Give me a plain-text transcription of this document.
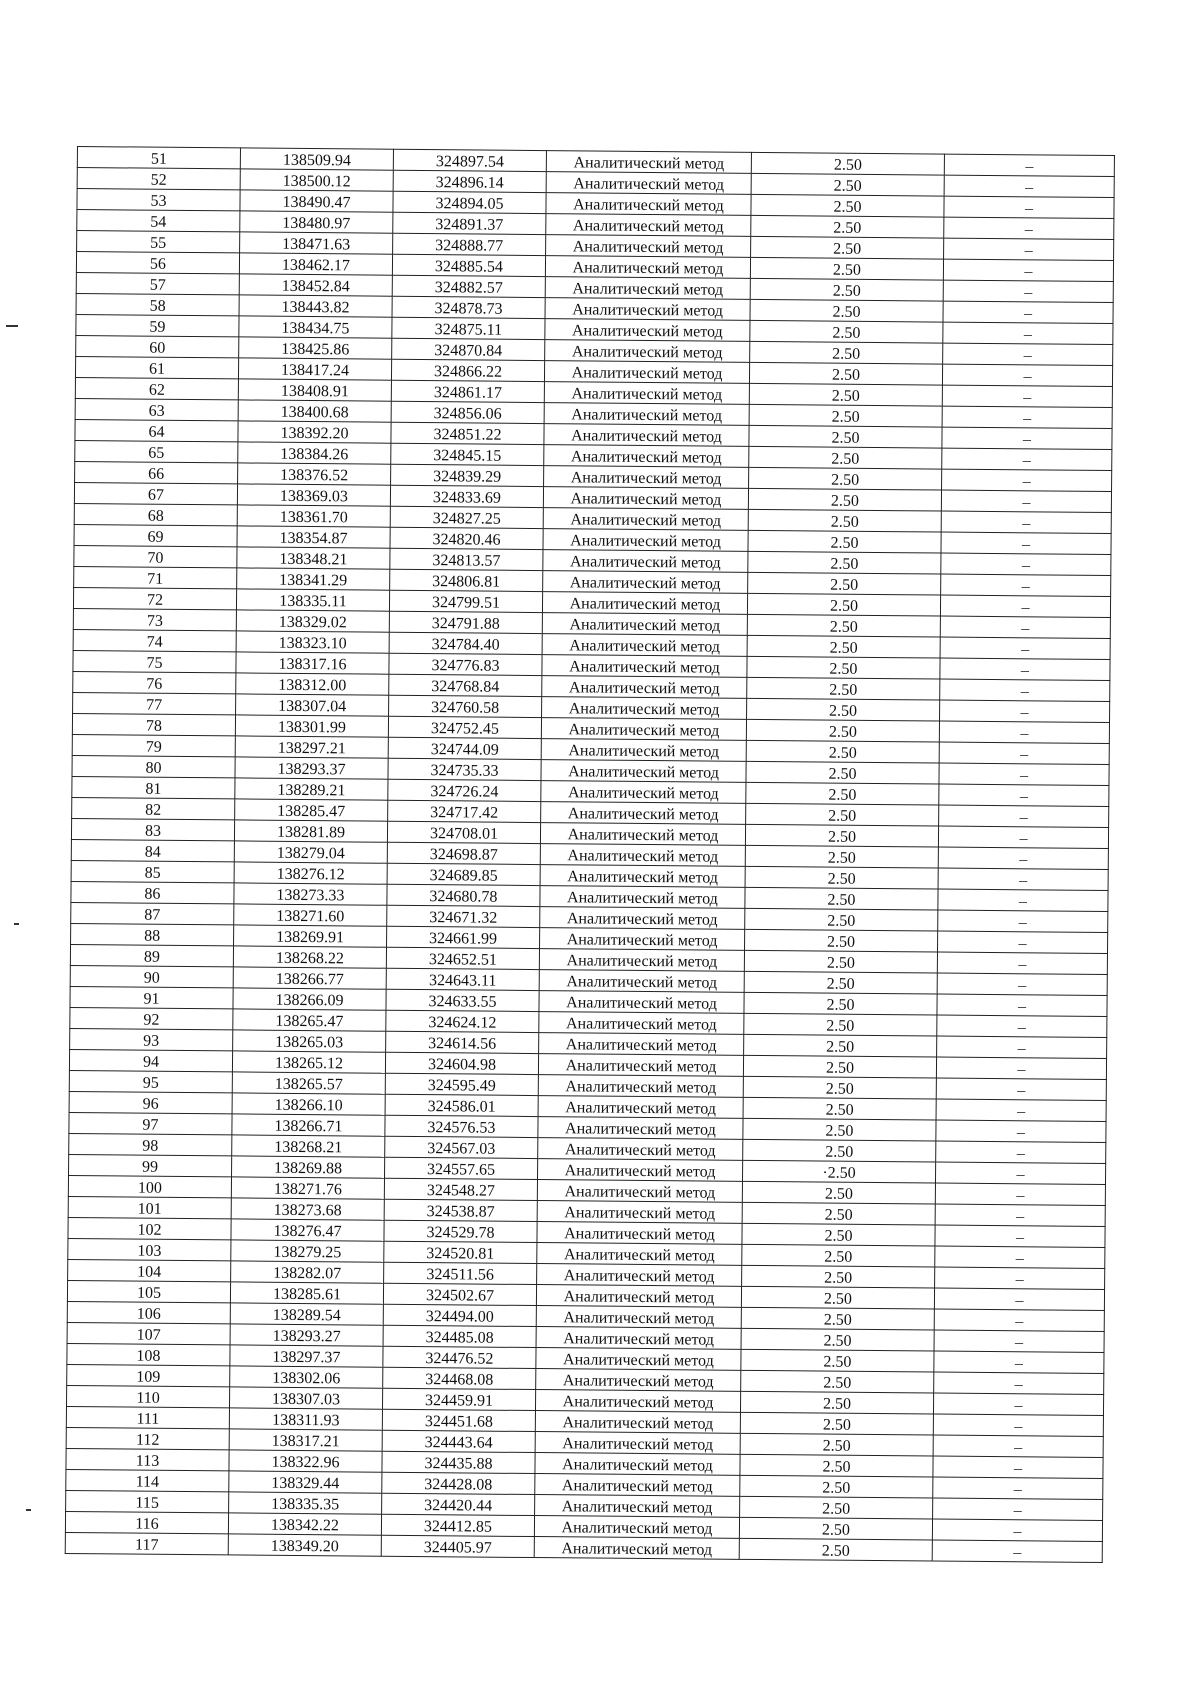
51	138509.94	324897.54	Аналитический метод	2.50	–
52	138500.12	324896.14	Аналитический метод	2.50	–
53	138490.47	324894.05	Аналитический метод	2.50	–
54	138480.97	324891.37	Аналитический метод	2.50	–
55	138471.63	324888.77	Аналитический метод	2.50	–
56	138462.17	324885.54	Аналитический метод	2.50	–
57	138452.84	324882.57	Аналитический метод	2.50	–
58	138443.82	324878.73	Аналитический метод	2.50	–
59	138434.75	324875.11	Аналитический метод	2.50	–
60	138425.86	324870.84	Аналитический метод	2.50	–
61	138417.24	324866.22	Аналитический метод	2.50	–
62	138408.91	324861.17	Аналитический метод	2.50	–
63	138400.68	324856.06	Аналитический метод	2.50	–
64	138392.20	324851.22	Аналитический метод	2.50	–
65	138384.26	324845.15	Аналитический метод	2.50	–
66	138376.52	324839.29	Аналитический метод	2.50	–
67	138369.03	324833.69	Аналитический метод	2.50	–
68	138361.70	324827.25	Аналитический метод	2.50	–
69	138354.87	324820.46	Аналитический метод	2.50	–
70	138348.21	324813.57	Аналитический метод	2.50	–
71	138341.29	324806.81	Аналитический метод	2.50	–
72	138335.11	324799.51	Аналитический метод	2.50	–
73	138329.02	324791.88	Аналитический метод	2.50	–
74	138323.10	324784.40	Аналитический метод	2.50	–
75	138317.16	324776.83	Аналитический метод	2.50	–
76	138312.00	324768.84	Аналитический метод	2.50	–
77	138307.04	324760.58	Аналитический метод	2.50	–
78	138301.99	324752.45	Аналитический метод	2.50	–
79	138297.21	324744.09	Аналитический метод	2.50	–
80	138293.37	324735.33	Аналитический метод	2.50	–
81	138289.21	324726.24	Аналитический метод	2.50	–
82	138285.47	324717.42	Аналитический метод	2.50	–
83	138281.89	324708.01	Аналитический метод	2.50	–
84	138279.04	324698.87	Аналитический метод	2.50	–
85	138276.12	324689.85	Аналитический метод	2.50	–
86	138273.33	324680.78	Аналитический метод	2.50	–
87	138271.60	324671.32	Аналитический метод	2.50	–
88	138269.91	324661.99	Аналитический метод	2.50	–
89	138268.22	324652.51	Аналитический метод	2.50	–
90	138266.77	324643.11	Аналитический метод	2.50	–
91	138266.09	324633.55	Аналитический метод	2.50	–
92	138265.47	324624.12	Аналитический метод	2.50	–
93	138265.03	324614.56	Аналитический метод	2.50	–
94	138265.12	324604.98	Аналитический метод	2.50	–
95	138265.57	324595.49	Аналитический метод	2.50	–
96	138266.10	324586.01	Аналитический метод	2.50	–
97	138266.71	324576.53	Аналитический метод	2.50	–
98	138268.21	324567.03	Аналитический метод	2.50	–
99	138269.88	324557.65	Аналитический метод	·2.50	–
100	138271.76	324548.27	Аналитический метод	2.50	–
101	138273.68	324538.87	Аналитический метод	2.50	–
102	138276.47	324529.78	Аналитический метод	2.50	–
103	138279.25	324520.81	Аналитический метод	2.50	–
104	138282.07	324511.56	Аналитический метод	2.50	–
105	138285.61	324502.67	Аналитический метод	2.50	–
106	138289.54	324494.00	Аналитический метод	2.50	–
107	138293.27	324485.08	Аналитический метод	2.50	–
108	138297.37	324476.52	Аналитический метод	2.50	–
109	138302.06	324468.08	Аналитический метод	2.50	–
110	138307.03	324459.91	Аналитический метод	2.50	–
111	138311.93	324451.68	Аналитический метод	2.50	–
112	138317.21	324443.64	Аналитический метод	2.50	–
113	138322.96	324435.88	Аналитический метод	2.50	–
114	138329.44	324428.08	Аналитический метод	2.50	–
115	138335.35	324420.44	Аналитический метод	2.50	–
116	138342.22	324412.85	Аналитический метод	2.50	–
117	138349.20	324405.97	Аналитический метод	2.50	–
